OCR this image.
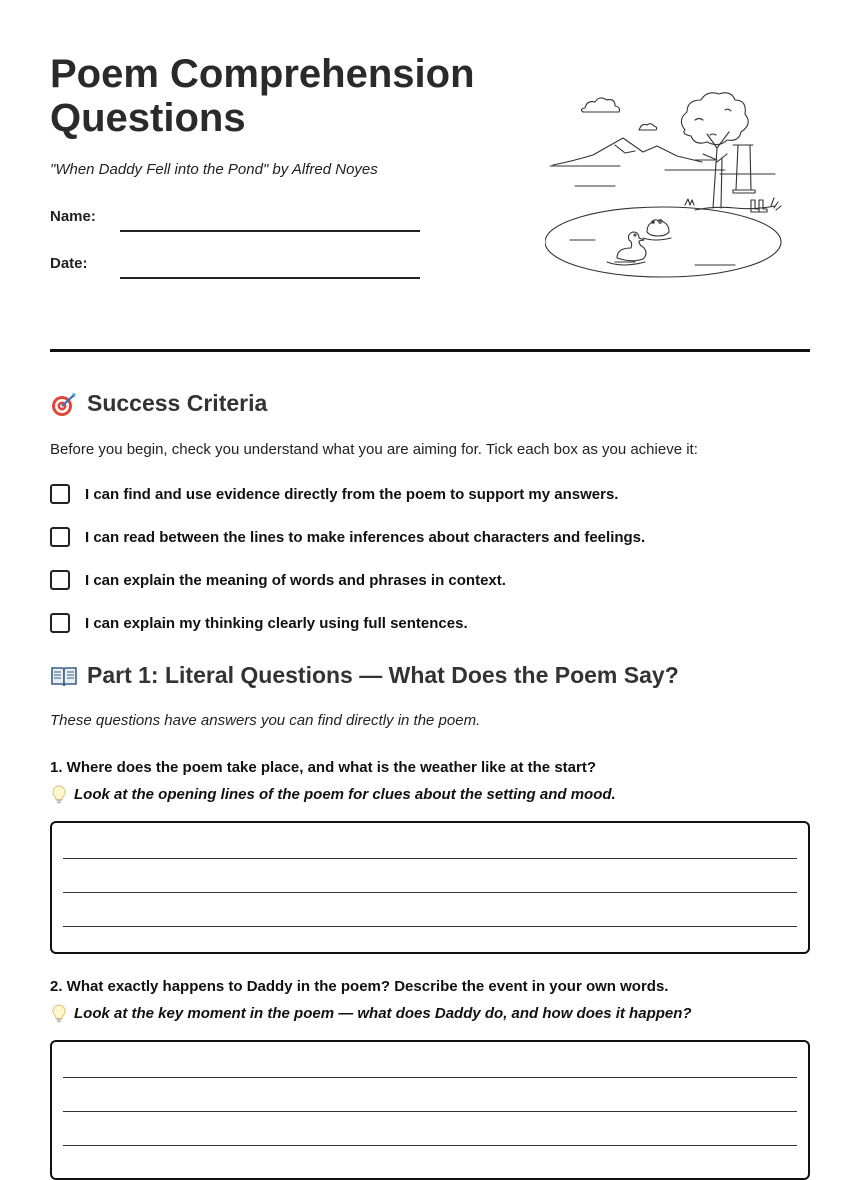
Poem Comprehension
Questions
"When Daddy Fell into the Pond" by Alfred Noyes
Name:
Date:
Success Criteria
Before you begin, check you understand what you are aiming for. Tick each box as you achieve it:
I can find and use evidence directly from the poem to support my answers.
I can read between the lines to make inferences about characters and feelings.
I can explain the meaning of words and phrases in context.
I can explain my thinking clearly using full sentences.
Part 1: Literal Questions — What Does the Poem Say?
These questions have answers you can find directly in the poem.
1. Where does the poem take place, and what is the weather like at the start?
Look at the opening lines of the poem for clues about the setting and mood.
2. What exactly happens to Daddy in the poem? Describe the event in your own words.
Look at the key moment in the poem — what does Daddy do, and how does it happen?
